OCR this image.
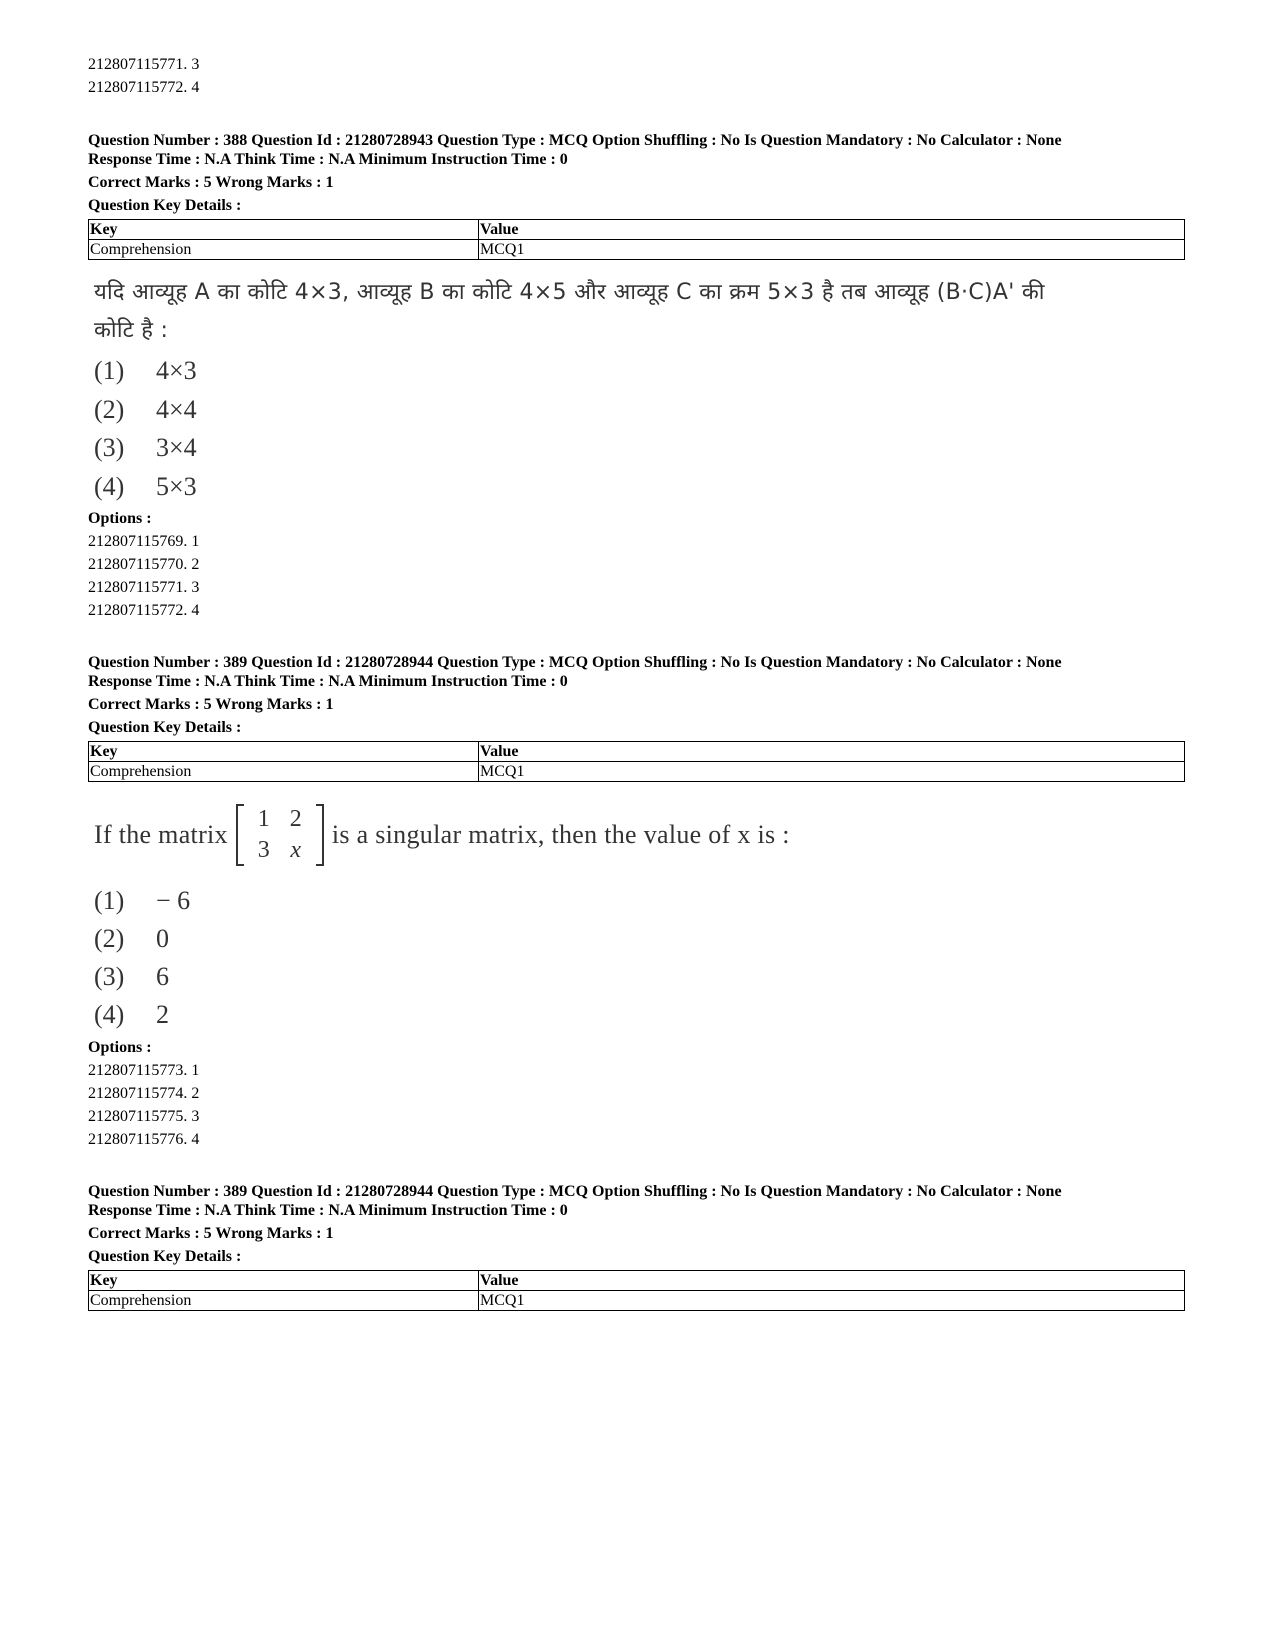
212807115771. 3
212807115772. 4
Question Number : 388 Question Id : 21280728943 Question Type : MCQ Option Shuffling : No Is Question Mandatory : No Calculator : None
Response Time : N.A Think Time : N.A Minimum Instruction Time : 0
Correct Marks : 5 Wrong Marks : 1
Question Key Details :
Key	Value
Comprehension	MCQ1
यदि आव्यूह A का कोटि 4×3, आव्यूह B का कोटि 4×5 और आव्यूह C का क्रम 5×3 है तब आव्यूह (B·C)A' की
कोटि है :
(1) 4×3
(2) 4×4
(3) 3×4
(4) 5×3
Options :
212807115769. 1
212807115770. 2
212807115771. 3
212807115772. 4
Question Number : 389 Question Id : 21280728944 Question Type : MCQ Option Shuffling : No Is Question Mandatory : No Calculator : None
Response Time : N.A Think Time : N.A Minimum Instruction Time : 0
Correct Marks : 5 Wrong Marks : 1
Question Key Details :
Key	Value
Comprehension	MCQ1
If the matrix
1 2
3 x
is a singular matrix, then the value of x is :
(1) − 6
(2) 0
(3) 6
(4) 2
Options :
212807115773. 1
212807115774. 2
212807115775. 3
212807115776. 4
Question Number : 389 Question Id : 21280728944 Question Type : MCQ Option Shuffling : No Is Question Mandatory : No Calculator : None
Response Time : N.A Think Time : N.A Minimum Instruction Time : 0
Correct Marks : 5 Wrong Marks : 1
Question Key Details :
Key	Value
Comprehension	MCQ1
